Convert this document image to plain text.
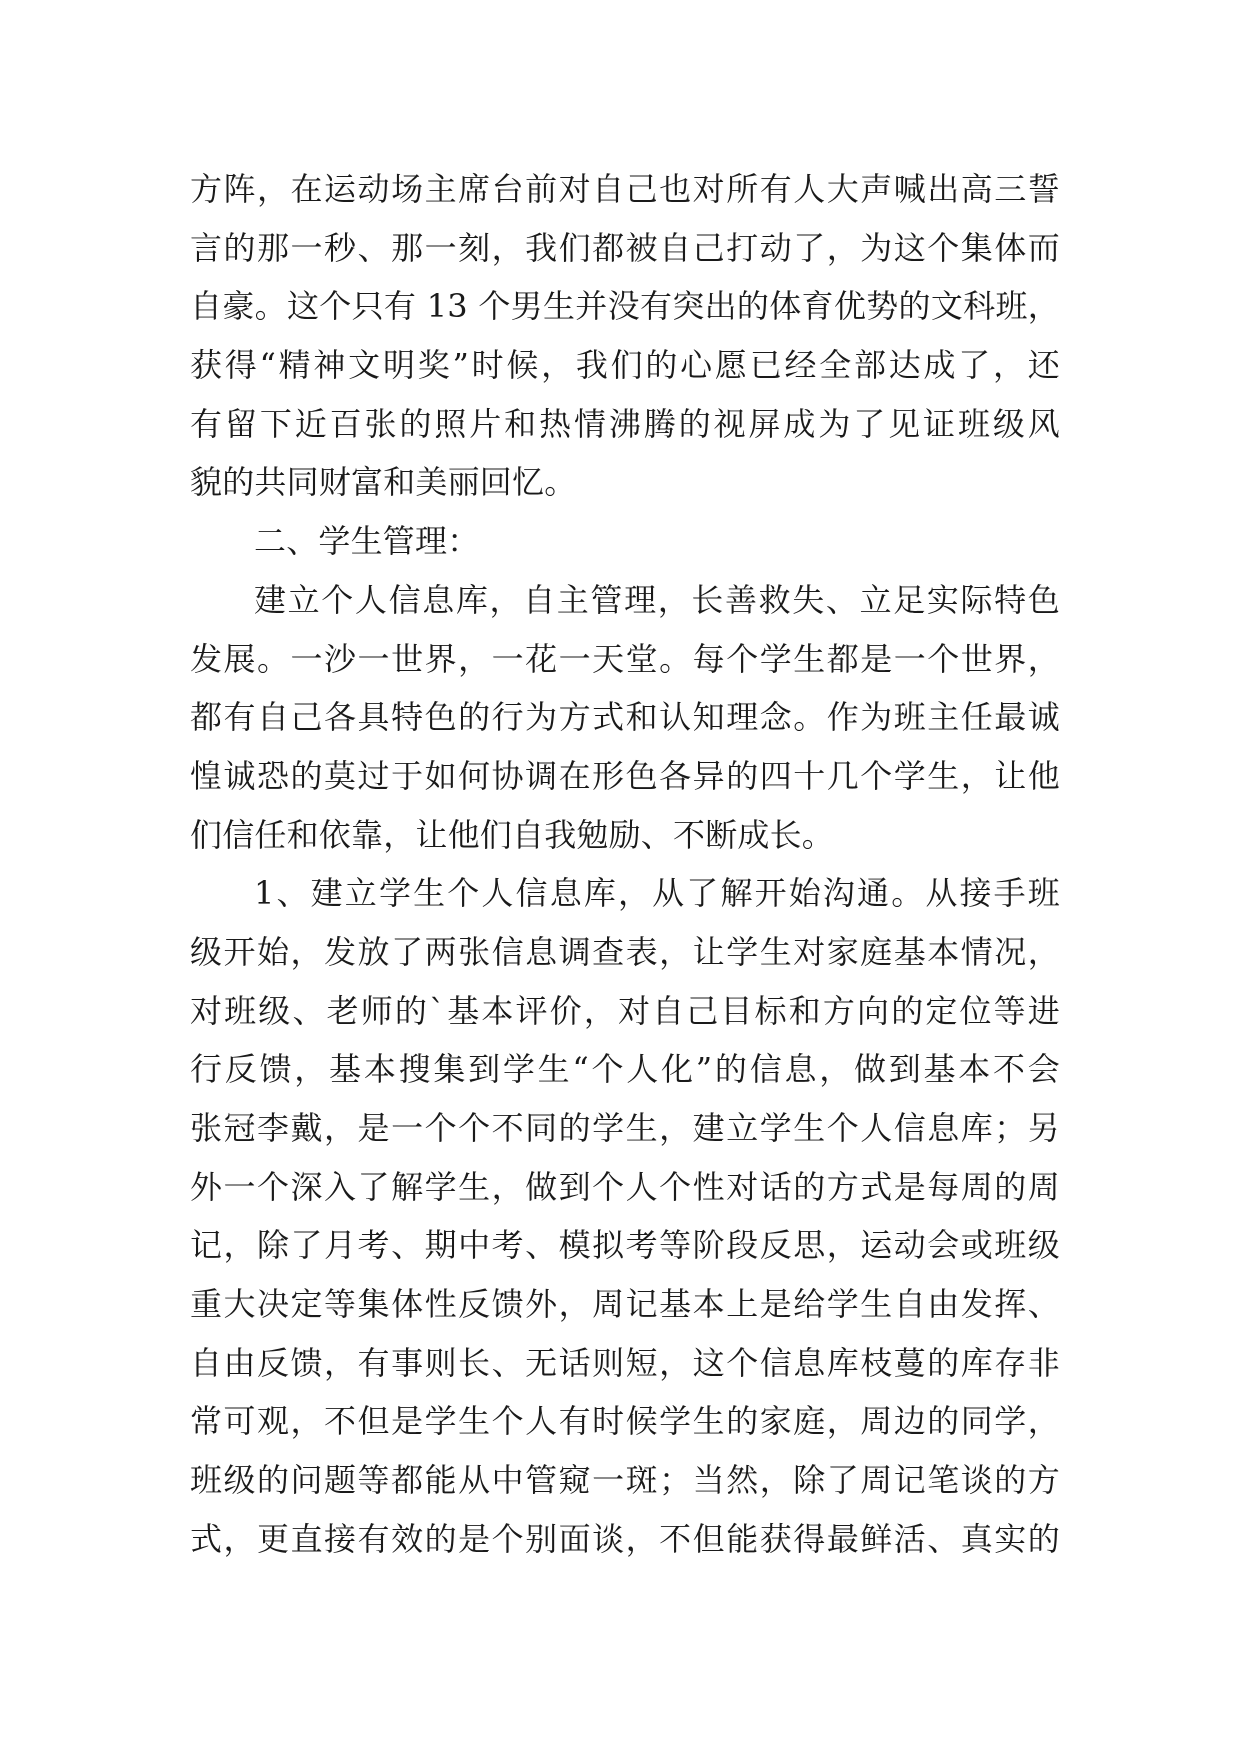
方阵，在运动场主席台前对自己也对所有人大声喊出高三誓
言的那一秒、那一刻，我们都被自己打动了，为这个集体而
自豪。这个只有 13 个男生并没有突出的体育优势的文科班，
获得“精神文明奖”时候，我们的心愿已经全部达成了，还
有留下近百张的照片和热情沸腾的视屏成为了见证班级风
貌的共同财富和美丽回忆。
二、学生管理：
建立个人信息库，自主管理，长善救失、立足实际特色
发展。一沙一世界，一花一天堂。每个学生都是一个世界，
都有自己各具特色的行为方式和认知理念。作为班主任最诚
惶诚恐的莫过于如何协调在形色各异的四十几个学生，让他
们信任和依靠，让他们自我勉励、不断成长。
1、建立学生个人信息库，从了解开始沟通。从接手班
级开始，发放了两张信息调查表，让学生对家庭基本情况，
对班级、老师的`基本评价，对自己目标和方向的定位等进
行反馈，基本搜集到学生“个人化”的信息，做到基本不会
张冠李戴，是一个个不同的学生，建立学生个人信息库；另
外一个深入了解学生，做到个人个性对话的方式是每周的周
记，除了月考、期中考、模拟考等阶段反思，运动会或班级
重大决定等集体性反馈外，周记基本上是给学生自由发挥、
自由反馈，有事则长、无话则短，这个信息库枝蔓的库存非
常可观，不但是学生个人有时候学生的家庭，周边的同学，
班级的问题等都能从中管窥一斑；当然，除了周记笔谈的方
式，更直接有效的是个别面谈，不但能获得最鲜活、真实的
